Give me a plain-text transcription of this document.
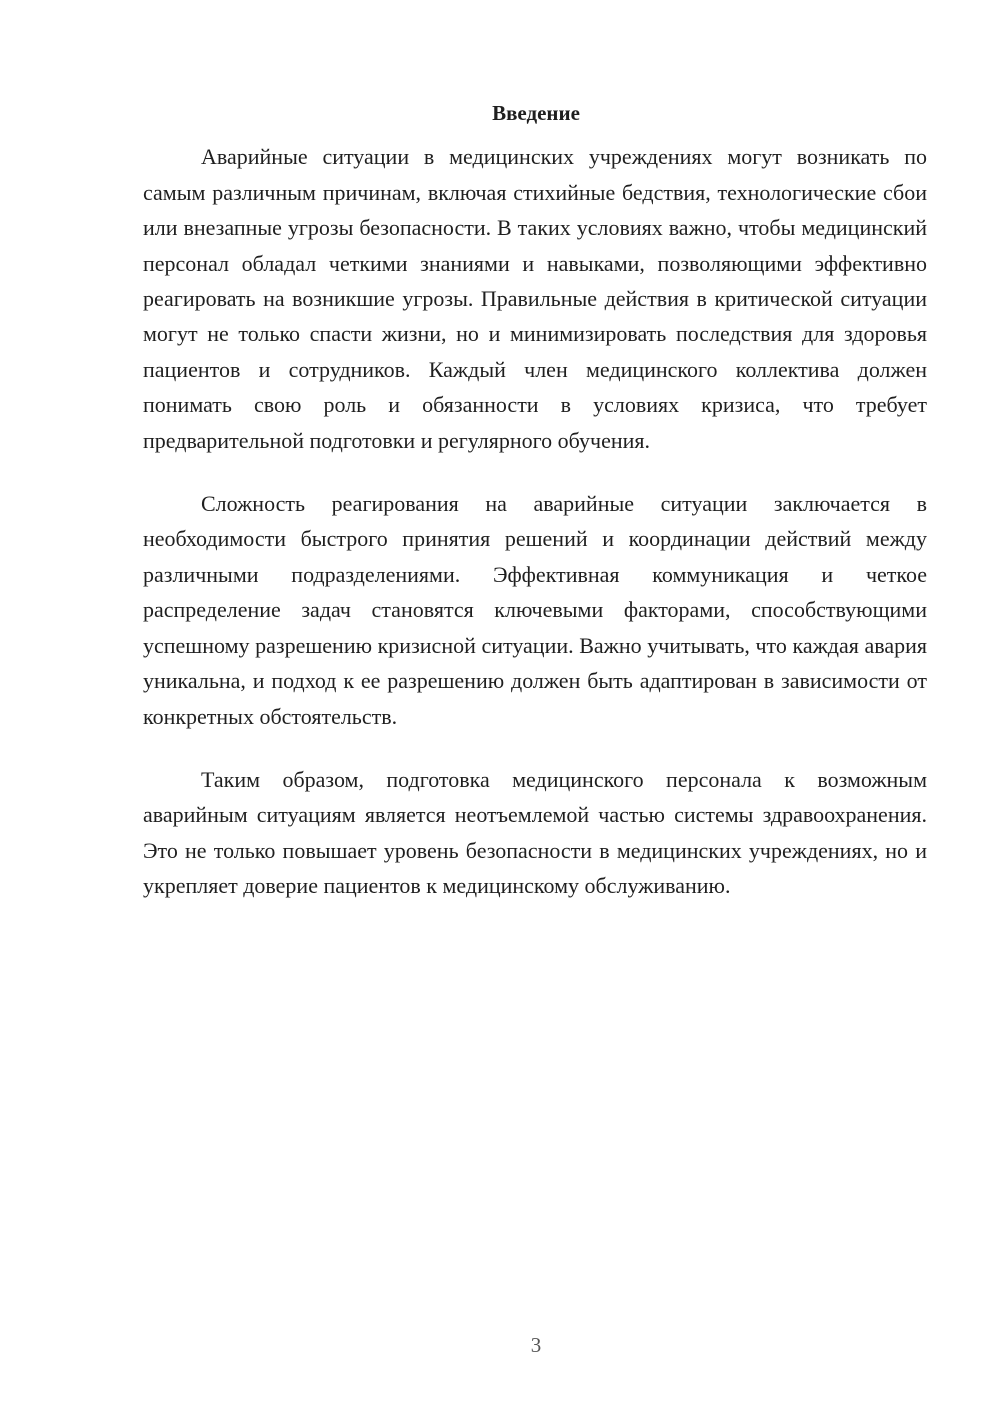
Введение

Аварийные ситуации в медицинских учреждениях могут возникать по самым различным причинам, включая стихийные бедствия, технологические сбои или внезапные угрозы безопасности. В таких условиях важно, чтобы медицинский персонал обладал четкими знаниями и навыками, позволяющими эффективно реагировать на возникшие угрозы. Правильные действия в критической ситуации могут не только спасти жизни, но и минимизировать последствия для здоровья пациентов и сотрудников. Каждый член медицинского коллектива должен понимать свою роль и обязанности в условиях кризиса, что требует предварительной подготовки и регулярного обучения.

Сложность реагирования на аварийные ситуации заключается в необходимости быстрого принятия решений и координации действий между различными подразделениями. Эффективная коммуникация и четкое распределение задач становятся ключевыми факторами, способствующими успешному разрешению кризисной ситуации. Важно учитывать, что каждая авария уникальна, и подход к ее разрешению должен быть адаптирован в зависимости от конкретных обстоятельств.

Таким образом, подготовка медицинского персонала к возможным аварийным ситуациям является неотъемлемой частью системы здравоохранения. Это не только повышает уровень безопасности в медицинских учреждениях, но и укрепляет доверие пациентов к медицинскому обслуживанию.

3
